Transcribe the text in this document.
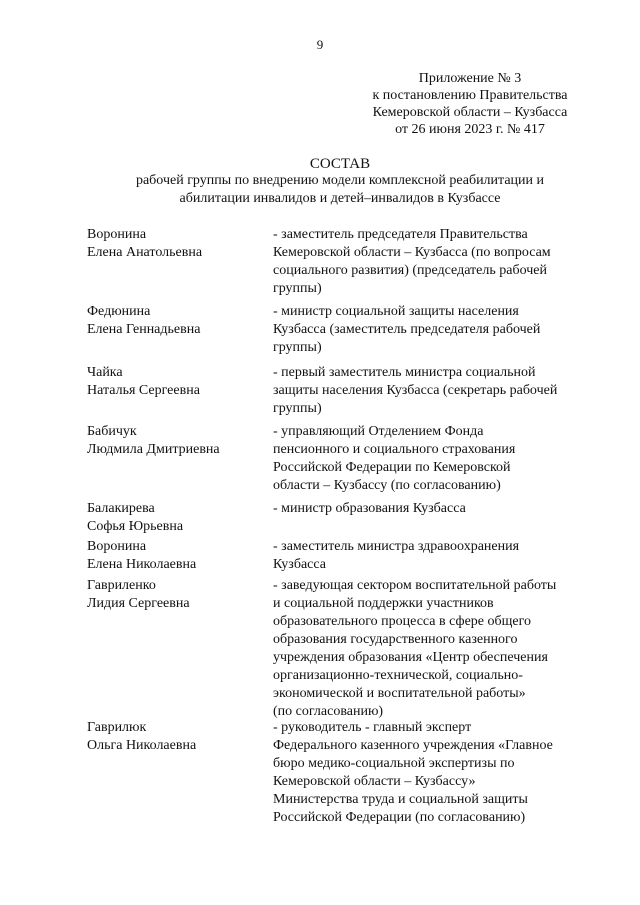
9
Приложение № 3
к постановлению Правительства
Кемеровской области – Кузбасса
от 26 июня 2023 г. № 417
СОСТАВ
рабочей группы по внедрению модели комплексной реабилитации и
абилитации инвалидов и детей–инвалидов в Кузбассе
Воронина
Елена Анатольевна
- заместитель председателя Правительства
Кемеровской области – Кузбасса (по вопросам
социального развития) (председатель рабочей
группы)
Федюнина
Елена Геннадьевна
- министр социальной защиты населения
Кузбасса (заместитель председателя рабочей
группы)
Чайка
Наталья Сергеевна
- первый заместитель министра социальной
защиты населения Кузбасса (секретарь рабочей
группы)
Бабичук
Людмила Дмитриевна
- управляющий Отделением Фонда
пенсионного и социального страхования
Российской Федерации по Кемеровской
области – Кузбассу (по согласованию)
Балакирева
Софья Юрьевна
- министр образования Кузбасса
Воронина
Елена Николаевна
- заместитель министра здравоохранения
Кузбасса
Гавриленко
Лидия Сергеевна
- заведующая сектором воспитательной работы
и социальной поддержки участников
образовательного процесса в сфере общего
образования государственного казенного
учреждения образования «Центр обеспечения
организационно-технической, социально-
экономической и воспитательной работы»
(по согласованию)
Гаврилюк
Ольга Николаевна
- руководитель - главный эксперт
Федерального казенного учреждения «Главное
бюро медико-социальной экспертизы по
Кемеровской области – Кузбассу»
Министерства труда и социальной защиты
Российской Федерации (по согласованию)
